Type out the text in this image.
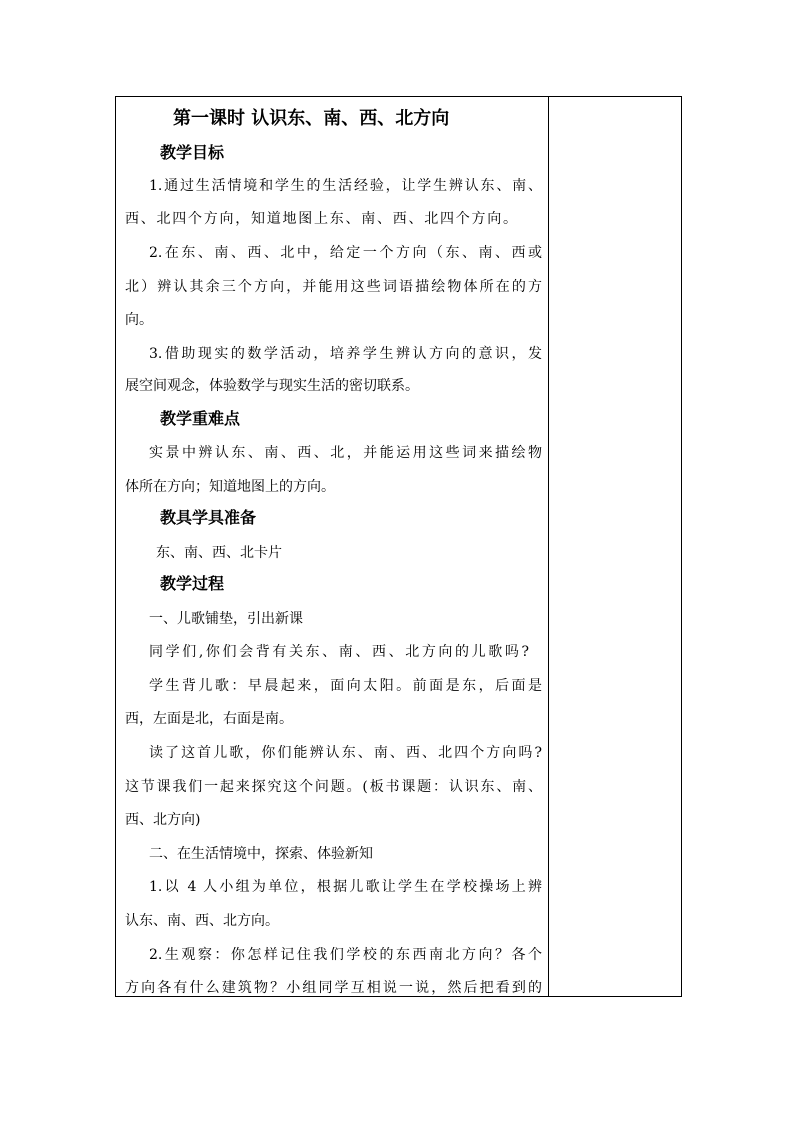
第一课时 认识东、南、西、北方向
教学目标
1.通过生活情境和学生的生活经验，让学生辨认东、南、
西、北四个方向，知道地图上东、南、西、北四个方向。
2.在东、南、西、北中，给定一个方向（东、南、西或
北）辨认其余三个方向，并能用这些词语描绘物体所在的方
向。
3.借助现实的数学活动，培养学生辨认方向的意识，发
展空间观念，体验数学与现实生活的密切联系。
教学重难点
实景中辨认东、南、西、北，并能运用这些词来描绘物
体所在方向；知道地图上的方向。
教具学具准备
东、南、西、北卡片
教学过程
一、儿歌铺垫，引出新课
同学们,你们会背有关东、南、西、北方向的儿歌吗?
学生背儿歌：早晨起来，面向太阳。前面是东，后面是
西，左面是北，右面是南。
读了这首儿歌，你们能辨认东、南、西、北四个方向吗?
这节课我们一起来探究这个问题。(板书课题：认识东、南、
西、北方向)
二、在生活情境中，探索、体验新知
1.以 4 人小组为单位，根据儿歌让学生在学校操场上辨
认东、南、西、北方向。
2.生观察：你怎样记住我们学校的东西南北方向？各个
方向各有什么建筑物？小组同学互相说一说，然后把看到的
